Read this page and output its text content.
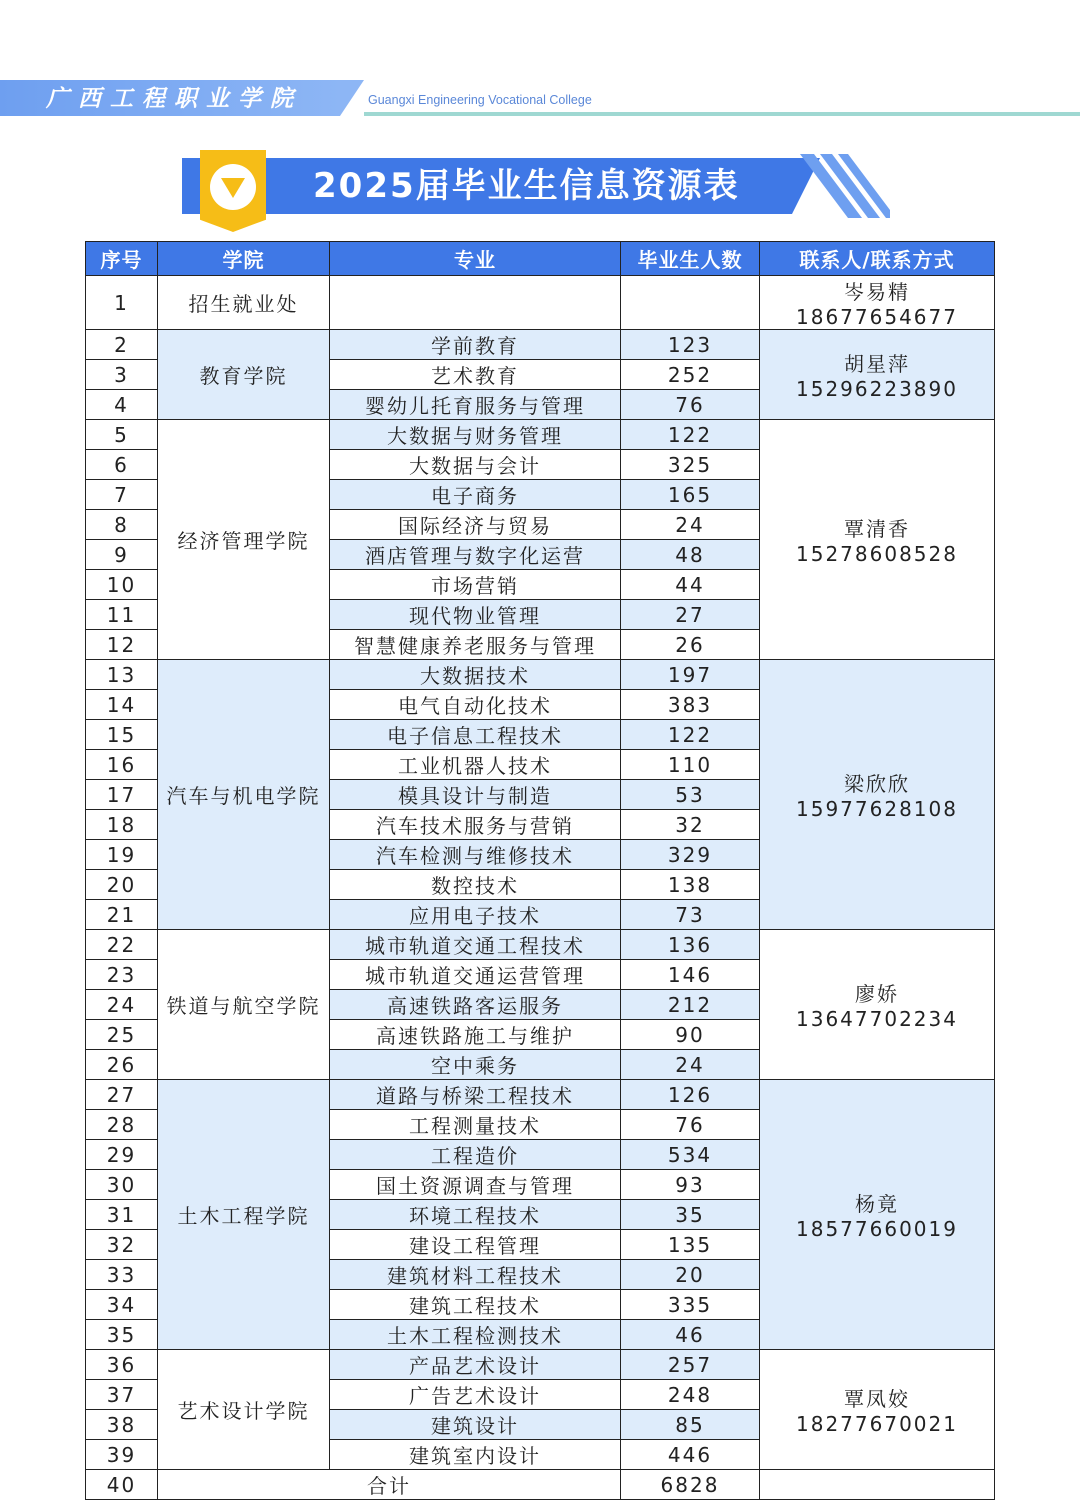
广西工程职业学院	Guangxi Engineering Vocational College
2025届毕业生信息资源表
序号	学院	专业	毕业生人数	联系人/联系方式
1	招生就业处			岑易精
18677654677

2	教育学院	学前教育	123	胡星萍
15296223890

3		艺术教育	252	
4		婴幼儿托育服务与管理	76	
5	经济管理学院	大数据与财务管理	122	覃清香
15278608528

6		大数据与会计	325	
7		电子商务	165	
8		国际经济与贸易	24	
9		酒店管理与数字化运营	48	
10		市场营销	44	
11		现代物业管理	27	
12		智慧健康养老服务与管理	26	
13	汽车与机电学院	大数据技术	197	梁欣欣
15977628108

14		电气自动化技术	383	
15		电子信息工程技术	122	
16		工业机器人技术	110	
17		模具设计与制造	53	
18		汽车技术服务与营销	32	
19		汽车检测与维修技术	329	
20		数控技术	138	
21		应用电子技术	73	
22	铁道与航空学院	城市轨道交通工程技术	136	廖娇
13647702234

23		城市轨道交通运营管理	146	
24		高速铁路客运服务	212	
25		高速铁路施工与维护	90	
26		空中乘务	24	
27	土木工程学院	道路与桥梁工程技术	126	杨竟
18577660019

28		工程测量技术	76	
29		工程造价	534	
30		国土资源调查与管理	93	
31		环境工程技术	35	
32		建设工程管理	135	
33		建筑材料工程技术	20	
34		建筑工程技术	335	
35		土木工程检测技术	46	
36	艺术设计学院	产品艺术设计	257	覃凤姣
18277670021

37		广告艺术设计	248	
38		建筑设计	85	
39		建筑室内设计	446	
40	合计		6828	
